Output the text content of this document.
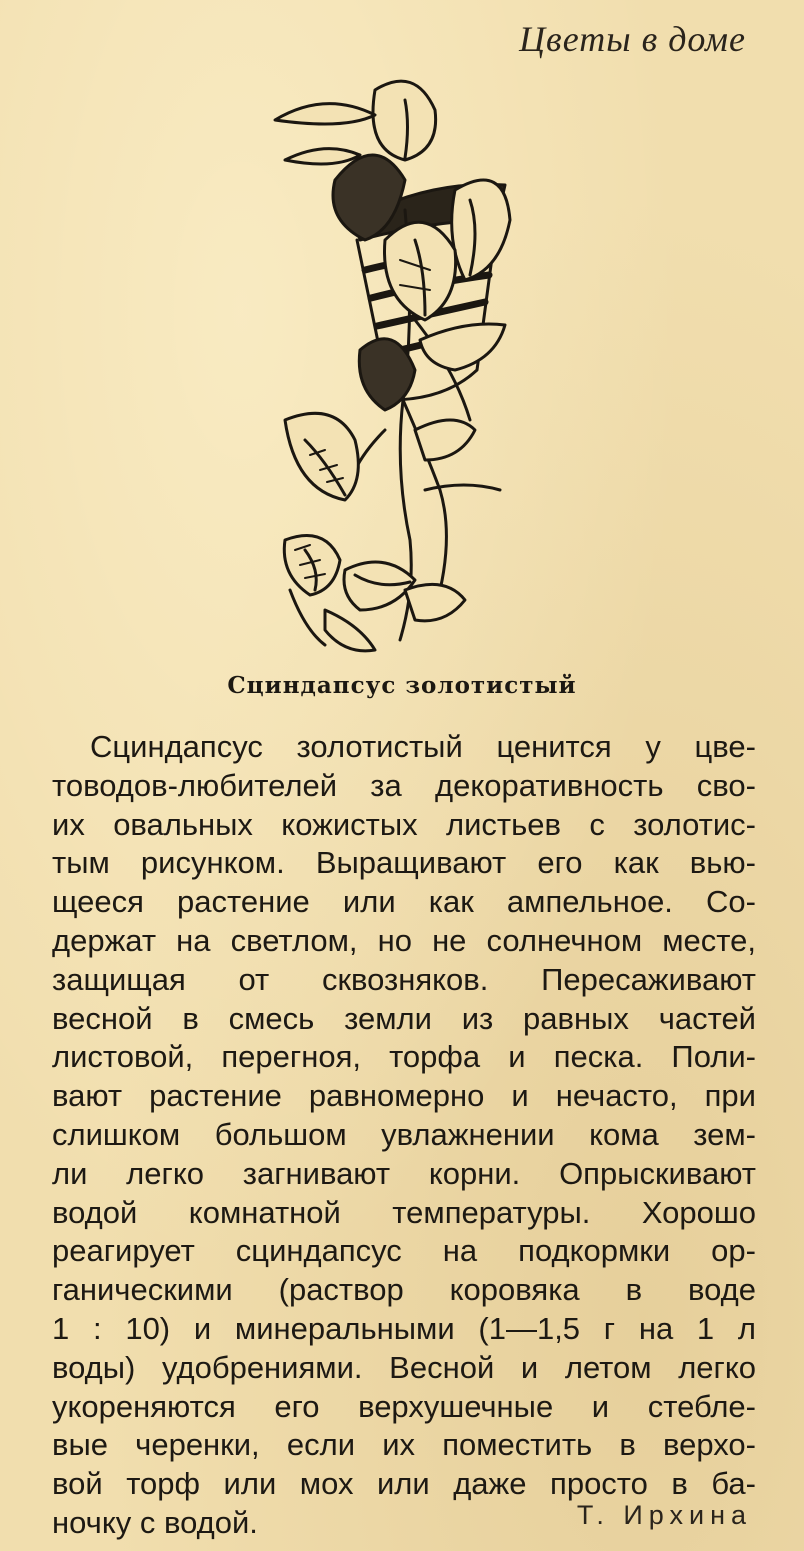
Цветы в доме
Сциндапсус золотистый
Сциндапсус золотистый ценится у цве-
товодов-любителей за декоративность сво-
их овальных кожистых листьев с золотис-
тым рисунком. Выращивают его как вью-
щееся растение или как ампельное. Со-
держат на светлом, но не солнечном месте,
защищая от сквозняков. Пересаживают
весной в смесь земли из равных частей
листовой, перегноя, торфа и песка. Поли-
вают растение равномерно и нечасто, при
слишком большом увлажнении кома зем-
ли легко загнивают корни. Опрыскивают
водой комнатной температуры. Хорошо
реагирует сциндапсус на подкормки ор-
ганическими (раствор коровяка в воде
1 : 10) и минеральными (1—1,5 г на 1 л
воды) удобрениями. Весной и летом легко
укореняются его верхушечные и стебле-
вые черенки, если их поместить в верхо-
вой торф или мох или даже просто в ба-
ночку с водой.	Т. Ирхина
